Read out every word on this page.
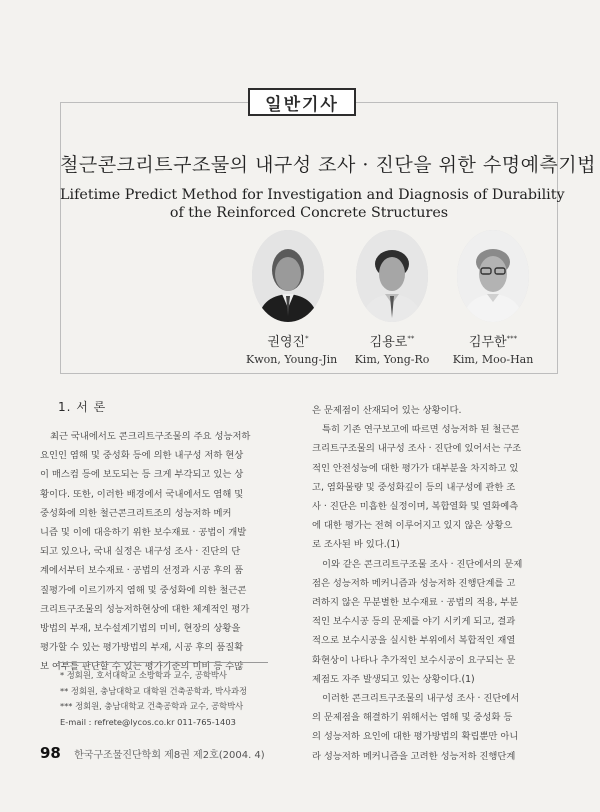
일반기사
철근콘크리트구조물의 내구성 조사 · 진단을 위한 수명예측기법
Lifetime Predict Method for Investigation and Diagnosis of Durability
of the Reinforced Concrete Structures
권영진*
Kwon, Young-Jin
김용로**
Kim, Yong-Ro
김무한***
Kim, Moo-Han
1. 서 론
최근 국내에서도 콘크리트구조물의 주요 성능저하
요인인 염해 및 중성화 등에 의한 내구성 저하 현상
이 매스컴 등에 보도되는 등 크게 부각되고 있는 상
황이다. 또한, 이러한 배경에서 국내에서도 염해 및
중성화에 의한 철근콘크리트조의 성능저하 메커
니즘 및 이에 대응하기 위한 보수재료 · 공법이 개발
되고 있으나, 국내 실정은 내구성 조사 · 진단의 단
계에서부터 보수재료 · 공법의 선정과 시공 후의 품
질평가에 이르기까지 염해 및 중성화에 의한 철근콘
크리트구조물의 성능저하현상에 대한 체계적인 평가
방법의 부재, 보수설계기법의 미비, 현장의 상황을
평가할 수 있는 평가방법의 부재, 시공 후의 품질확
보 여부를 판단할 수 있는 평가기준의 미비 등 수많
은 문제점이 산재되어 있는 상황이다.
특히 기존 연구보고에 따르면 성능저하 된 철근콘
크리트구조물의 내구성 조사 · 진단에 있어서는 구조
적인 안전성능에 대한 평가가 대부분을 차지하고 있
고, 염화물량 및 중성화깊이 등의 내구성에 관한 조
사 · 진단은 미흡한 실정이며, 복합열화 및 열화예측
에 대한 평가는 전혀 이루어지고 있지 않은 상황으
로 조사된 바 있다.(1)
이와 같은 콘크리트구조물 조사 · 진단에서의 문제
점은 성능저하 메커니즘과 성능저하 진행단계를 고
려하지 않은 무분별한 보수재료 · 공법의 적용, 부분
적인 보수시공 등의 문제를 야기 시키게 되고, 결과
적으로 보수시공을 실시한 부위에서 복합적인 재열
화현상이 나타나 추가적인 보수시공이 요구되는 문
제점도 자주 발생되고 있는 상황이다.(1)
이러한 콘크리트구조물의 내구성 조사 · 진단에서
의 문제점을 해결하기 위해서는 염해 및 중성화 등
의 성능저하 요인에 대한 평가방법의 확립뿐만 아니
라 성능저하 메커니즘을 고려한 성능저하 진행단계
* 정회원, 호서대학교 소방학과 교수, 공학박사
** 정회원, 충남대학교 대학원 건축공학과, 박사과정
*** 정회원, 충남대학교 건축공학과 교수, 공학박사
E-mail : refrete@lycos.co.kr 011-765-1403
98 한국구조물진단학회 제8권 제2호(2004. 4)
